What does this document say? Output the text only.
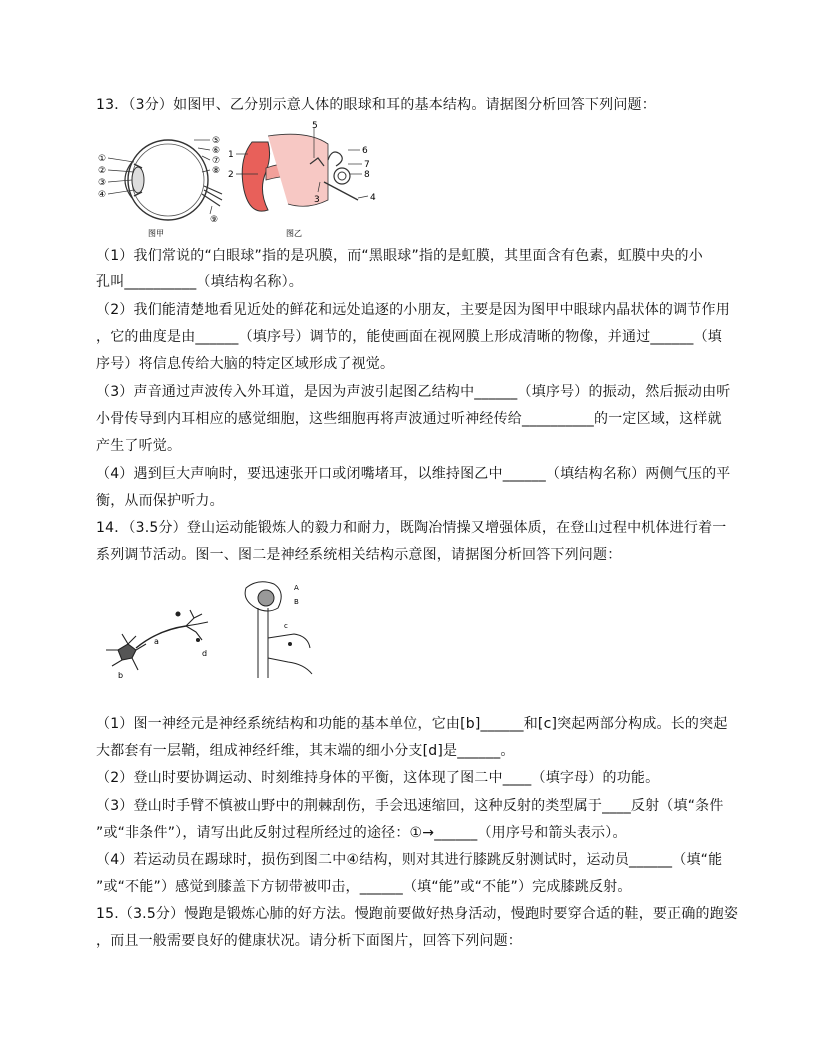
13．（3分）如图甲、乙分别示意人体的眼球和耳的基本结构。请据图分析回答下列问题：
①
②
③
④
⑤
⑥
⑦
⑧
⑨
图甲
1
2
3	4
5
6
7
8
图乙
（1）我们常说的“白眼球”指的是巩膜，而“黑眼球”指的是虹膜，其里面含有色素，虹膜中央的小
孔叫__________（填结构名称）。
（2）我们能清楚地看见近处的鲜花和远处追逐的小朋友，主要是因为图甲中眼球内晶状体的调节作用
，它的曲度是由______（填序号）调节的，能使画面在视网膜上形成清晰的物像，并通过______（填
序号）将信息传给大脑的特定区域形成了视觉。
（3）声音通过声波传入外耳道，是因为声波引起图乙结构中______（填序号）的振动，然后振动由听
小骨传导到内耳相应的感觉细胞，这些细胞再将声波通过听神经传给__________的一定区域，这样就
产生了听觉。
（4）遇到巨大声响时，要迅速张开口或闭嘴堵耳，以维持图乙中______（填结构名称）两侧气压的平
衡，从而保护听力。
14．（3.5分）登山运动能锻炼人的毅力和耐力，既陶冶情操又增强体质，在登山过程中机体进行着一
系列调节活动。图一、图二是神经系统相关结构示意图，请据图分析回答下列问题：
a
b
d
A
B
c
（1）图一神经元是神经系统结构和功能的基本单位，它由[b]______和[c]突起两部分构成。长的突起
大都套有一层鞘，组成神经纤维，其末端的细小分支[d]是______。
（2）登山时要协调运动、时刻维持身体的平衡，这体现了图二中____（填字母）的功能。
（3）登山时手臂不慎被山野中的荆棘刮伤，手会迅速缩回，这种反射的类型属于____反射（填“条件
”或“非条件”），请写出此反射过程所经过的途径：①→______（用序号和箭头表示）。
（4）若运动员在踢球时，损伤到图二中④结构，则对其进行膝跳反射测试时，运动员______（填“能
”或“不能”）感觉到膝盖下方韧带被叩击，______（填“能”或“不能”）完成膝跳反射。
15.（3.5分）慢跑是锻炼心肺的好方法。慢跑前要做好热身活动，慢跑时要穿合适的鞋，要正确的跑姿
，而且一般需要良好的健康状况。请分析下面图片，回答下列问题：
